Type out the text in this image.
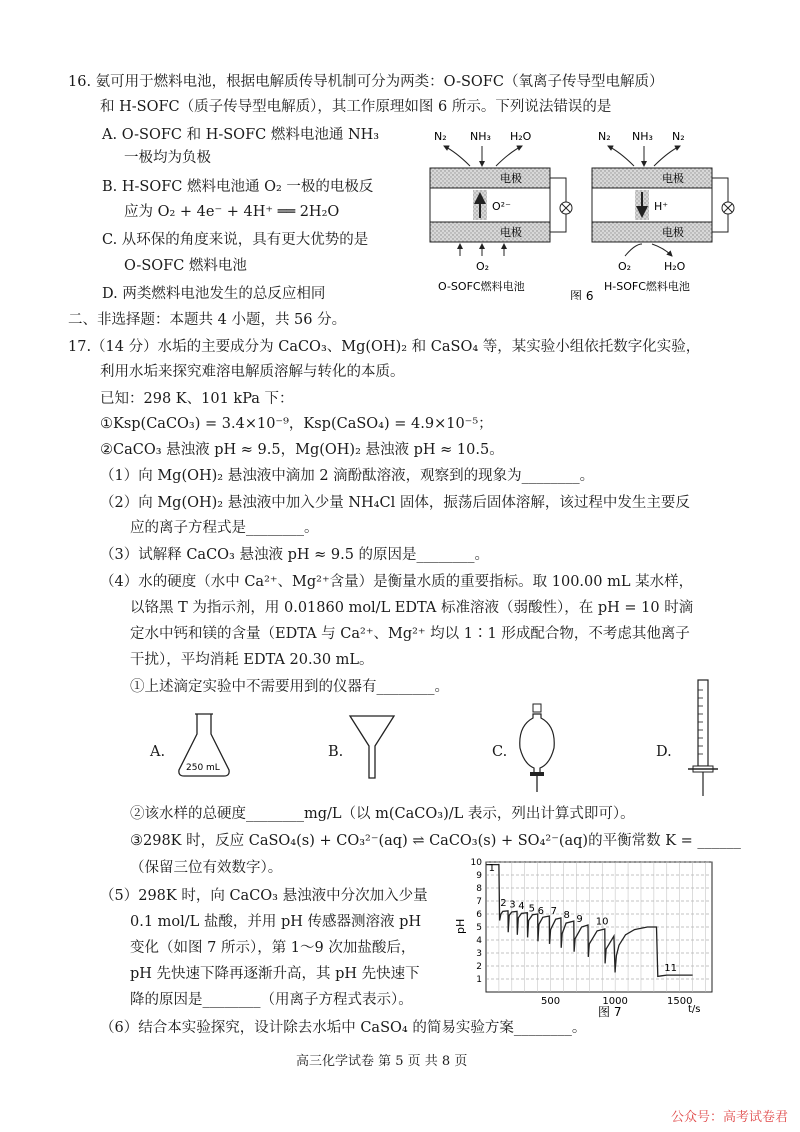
16. 氨可用于燃料电池，根据电解质传导机制可分为两类：O-SOFC（氧离子传导型电解质）
和 H-SOFC（质子传导型电解质），其工作原理如图 6 所示。下列说法错误的是
A. O-SOFC 和 H-SOFC 燃料电池通 NH₃
一极均为负极
B. H-SOFC 燃料电池通 O₂ 一极的电极反
应为 O₂ + 4e⁻ + 4H⁺ ══ 2H₂O
C. 从环保的角度来说，具有更大优势的是
O-SOFC 燃料电池
D. 两类燃料电池发生的总反应相同
N₂ NH₃ H₂O
电极
O²⁻
电极
O₂
O-SOFC燃料电池
N₂ NH₃ N₂
电极
H⁺
电极
O₂	H₂O
H-SOFC燃料电池
图 6
二、非选择题：本题共 4 小题，共 56 分。
17.（14 分）水垢的主要成分为 CaCO₃、Mg(OH)₂ 和 CaSO₄ 等，某实验小组依托数字化实验，
利用水垢来探究难溶电解质溶解与转化的本质。
已知：298 K、101 kPa 下：
①Ksp(CaCO₃) = 3.4×10⁻⁹，Ksp(CaSO₄) = 4.9×10⁻⁵；
②CaCO₃ 悬浊液 pH ≈ 9.5，Mg(OH)₂ 悬浊液 pH ≈ 10.5。
（1）向 Mg(OH)₂ 悬浊液中滴加 2 滴酚酞溶液，观察到的现象为________。
（2）向 Mg(OH)₂ 悬浊液中加入少量 NH₄Cl 固体，振荡后固体溶解，该过程中发生主要反
应的离子方程式是________。
（3）试解释 CaCO₃ 悬浊液 pH ≈ 9.5 的原因是________。
（4）水的硬度（水中 Ca²⁺、Mg²⁺含量）是衡量水质的重要指标。取 100.00 mL 某水样，
以铬黑 T 为指示剂，用 0.01860 mol/L EDTA 标准溶液（弱酸性），在 pH = 10 时滴
定水中钙和镁的含量（EDTA 与 Ca²⁺、Mg²⁺ 均以 1∶1 形成配合物，不考虑其他离子
干扰），平均消耗 EDTA 20.30 mL。
①上述滴定实验中不需要用到的仪器有________。
A.
250 mL
B.	C.	D.
②该水样的总硬度________mg/L（以 m(CaCO₃)/L 表示，列出计算式即可）。
③298K 时，反应 CaSO₄(s) + CO₃²⁻(aq) ⇌ CaCO₃(s) + SO₄²⁻(aq)的平衡常数 K = ______
（保留三位有效数字）。
（5）298K 时，向 CaCO₃ 悬浊液中分次加入少量
0.1 mol/L 盐酸，并用 pH 传感器测溶液 pH
变化（如图 7 所示），第 1～9 次加盐酸后，
pH 先快速下降再逐渐升高，其 pH 先快速下
降的原因是________（用离子方程式表示）。
（6）结合本实验探究，设计除去水垢中 CaSO₄ 的简易实验方案________。
1
2
3
4
5
6
7
8
9
10
500	1000	1500
1
2 3 4 5 6 7 8 9 10
11
pH
t/s
图 7
高三化学试卷 第 5 页 共 8 页
公众号：高考试卷君
